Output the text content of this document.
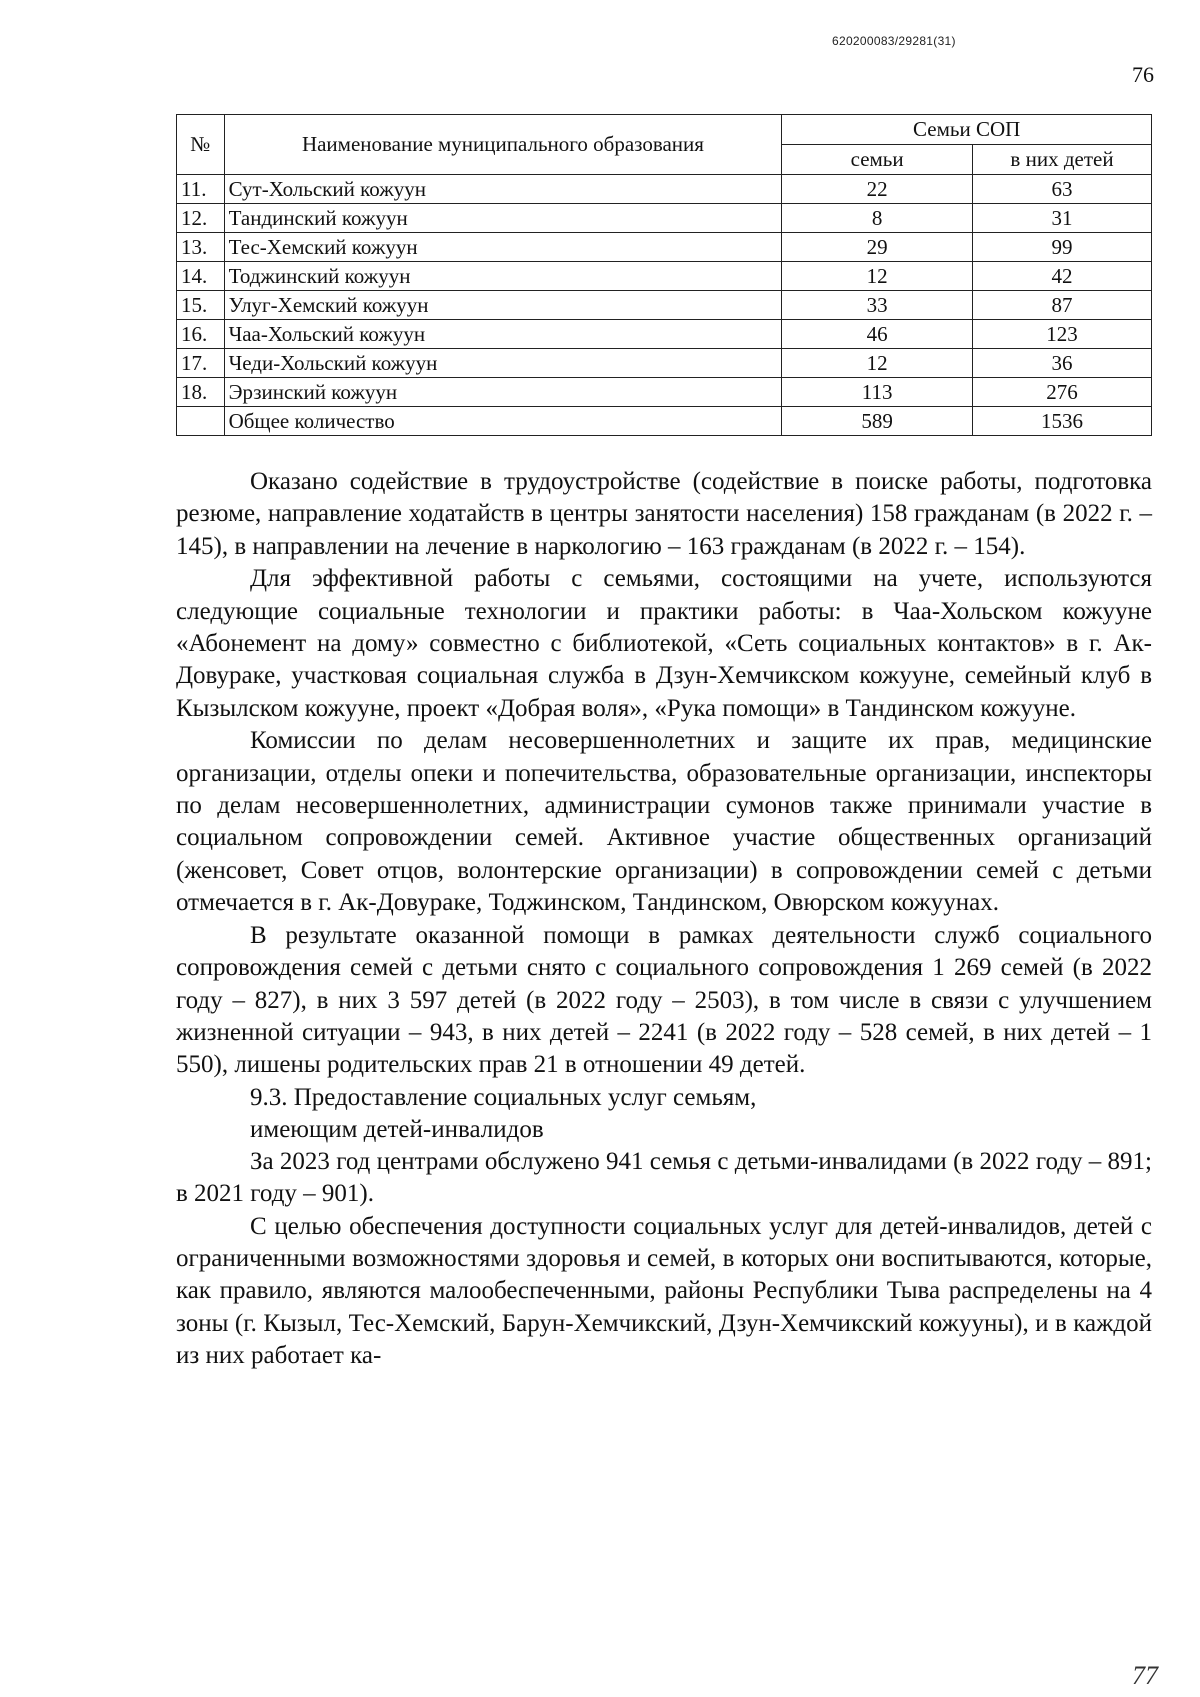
620200083/29281(31)
76
№	Наименование муниципального образования	Семьи СОП	
		семьи	в них детей
11.	Сут-Хольский кожуун	22	63
12.	Тандинский кожуун	8	31
13.	Тес-Хемский кожуун	29	99
14.	Тоджинский кожуун	12	42
15.	Улуг-Хемский кожуун	33	87
16.	Чаа-Хольский кожуун	46	123
17.	Чеди-Хольский кожуун	12	36
18.	Эрзинский кожуун	113	276
	Общее количество	589	1536

Оказано содействие в трудоустройстве (содействие в поиске работы, подготовка резюме, направление ходатайств в центры занятости населения) 158 гражданам (в 2022 г. – 145), в направлении на лечение в наркологию – 163 гражданам (в 2022 г. – 154).

Для эффективной работы с семьями, состоящими на учете, используются следующие социальные технологии и практики работы: в Чаа-Хольском кожууне «Абонемент на дому» совместно с библиотекой, «Сеть социальных контактов» в г. Ак-Довураке, участковая социальная служба в Дзун-Хемчикском кожууне, семейный клуб в Кызылском кожууне, проект «Добрая воля», «Рука помощи» в Тандинском кожууне.

Комиссии по делам несовершеннолетних и защите их прав, медицинские организации, отделы опеки и попечительства, образовательные организации, инспекторы по делам несовершеннолетних, администрации сумонов также принимали участие в социальном сопровождении семей. Активное участие общественных организаций (женсовет, Совет отцов, волонтерские организации) в сопровождении семей с детьми отмечается в г. Ак-Довураке, Тоджинском, Тандинском, Овюрском кожуунах.

В результате оказанной помощи в рамках деятельности служб социального сопровождения семей с детьми снято с социального сопровождения 1 269 семей (в 2022 году – 827), в них 3 597 детей (в 2022 году – 2503), в том числе в связи с улучшением жизненной ситуации – 943, в них детей – 2241 (в 2022 году – 528 семей, в них детей – 1 550), лишены родительских прав 21 в отношении 49 детей.

9.3. Предоставление социальных услуг семьям,
имеющим детей-инвалидов

За 2023 год центрами обслужено 941 семья с детьми-инвалидами (в 2022 году – 891; в 2021 году – 901).

С целью обеспечения доступности социальных услуг для детей-инвалидов, детей с ограниченными возможностями здоровья и семей, в которых они воспитываются, которые, как правило, являются малообеспеченными, районы Республики Тыва распределены на 4 зоны (г. Кызыл, Тес-Хемский, Барун-Хемчикский, Дзун-Хемчикский кожууны), и в каждой из них работает ка-

77
